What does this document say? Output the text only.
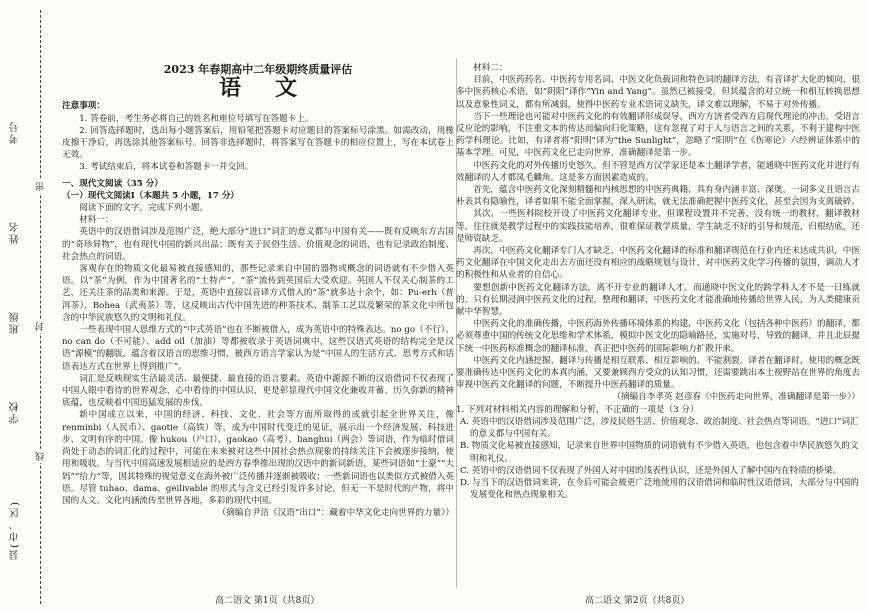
考号
姓名
班级
学校
县(市、区)
密
封
线
2023 年春期高中二年级期终质量评估
语文
注意事项：
1. 答卷前，考生务必将自己的姓名和座位号填写在答题卡上。
2. 回答选择题时，选出每小题答案后，用铅笔把答题卡对应题目的答案标号涂黑。如需改动，用橡皮擦干净后，再选涂其他答案标号。回答非选择题时，将答案写在答题卡的相应位置上，写在本试卷上无效。
3. 考试结束后，将本试卷和答题卡一并交回。
一、现代文阅读（35 分）
（一）现代文阅读Ⅰ（本题共 5 小题，17 分）
阅读下面的文字，完成下列小题。
材料一：
英语中的汉语借词涉及范围广泛，绝大部分“进口”词汇的意义都与中国有关——既有反映东方古国的“奇珍异物”，也有现代中国的新兴出品；既有关于民俗生活、价值观念的词语，也有记录政治制度、社会热点的词语。
客观存在的物质文化最易被直接感知的，那些记录来自中国的器物或概念的词语就有不少借入英语。以“茶”为例，作为中国著名的“土特产”，“茶”流传到英国后大受欢迎。英国人不仅关心制茶的工艺，还关注茶的品类和来源。于是，英语中直接以音译方式借入的“茶”就多达十余个，如：Pu-erh（普洱茶）、Bohea（武夷茶）等，这反映出古代中国先进的种茶技术、制茶工艺以及繁荣的茶文化中所包含的中华民族悠久的文明和礼仪。
一些表现中国人思维方式的“中式英语”也在不断被借入，成为英语中的特殊表达。no go（不行）、no can do（不可能）、add oil（加油）等都被收录于英语词典中，这些汉语式英语的结构完全是汉语“源模”的翻版，蕴含着汉语言的思维习惯，被西方语言学家认为是“中国人的生活方式、思考方式和话语表达方式在世界上得到推广”。
词汇是反映现实生活最灵活、最便捷、最直接的语言要素。英语中源源不断的汉语借词不仅表现了中国人眼中看待的世界观念、心中看待的中国认识，更是彰显现代中国文化兼收并蓄、历久弥新的精神底蕴，也反映着中国迅猛发展的步伐。
新中国成立以来，中国的经济、科技、文化、社会等方面所取得的成就引起全世界关注，像 renminbi（人民币）、gaotie（高铁）等，成为中国时代变迁的见证，展示出一个经济发展、科技进步、文明有序的中国。像 hukou（户口）、gaokao（高考）、lianghui（两会）等词语，作为临时借词尚处于动态的词汇化的过程中，可能在未来被对这些中国社会热点现象的持续关注下会被逐步接纳，使用和吸收。与当代中国高速发展相适应的是西方春季推出现的汉语中的新词新语，某些词语如“土豪”“大妈”“给力”等，因其特殊的视觉意义在海外被广泛传播并逐渐被吸收；一些新词语也以类似方式被借入英语。尽管 tuhao、dama、geilivable 的形式与含义已经引发许多讨论，但无一不是时代的产物，将中国的人文、文化内涵流传至世界各地，多彩的现代中国。
（摘编自尹洁《汉语“出口”：藏着中华文化走向世界的力量》）
材料二：
目前，中医药药名、中医药专用名词、中医文化负载词和特色词的翻译方法，有音译扩大化的倾向，很多中医药核心术语，如“阴阳”译作“Yin and Yang”。虽然已被接受，但其蕴含的对立统一和相互转换思想以及意象性词义，都有所减弱，使得中医药专业术语词义缺失，译文难以理解，不易于对外传播。
当下一些理论也可能对中医药文化的有效翻译形成误导。西方方济者受西方启现代理论的冲击，受语言反应论的影响，不注重文本的传达而偏向归化策略，这有忽视了对于人与语言之间的关系，不利于建构中医药学科理论。比如，有译者将“阳明”译为“the Sunlight”，忽略了“阳明”在《伤寒论》六经辨证体系中的基本学理。可见，中医药文化已走向世界，准确翻译是第一步。
中医药文化的对外传播历史悠久，但不管是西方汉学家还是本土翻译学者，能通晓中医药文化并进行有效翻译的人才都凤毛麟角。这是多方面因素造成的。
首先，蕴含中医药文化深刻精髓和内核思想的中医药典籍，具有身内涵丰富、深奥，一词多义且语言古朴表其有隐喻性，译者如果不能全面掌握，深入研读，就无法准确把握中医药文化，甚至会因为支离破碎。
其次，一些医科院校开设了中医药文化翻译专业，但课程设置并不完善，没有统一的教材，翻译教材等，往往就是教学过程中的实践技能培养，很难保证教学质量，学生缺乏不好的引导和规范，归根结底，还是师资缺乏。
再次，中医药文化翻译专门人才缺乏，中医药文化翻译的标准和翻译规范在行业内还未达成共识，中医药文化翻译在中国文化走出去方面还没有相应的战略规划与设计，对中医药文化学习传播的氛围，调动人才的积极性和从业者的自信心。
要想创新中医药文化翻译方法，离不开专业的翻译人才。而通晓中医文化的跨学科人才不是一日练就的。只有长期浸润中医药文化的过程，整理和翻译，中医药文化才能准确地传播给世界人民，为人类健康贡献中华智慧。
中医药文化的准确传播，中医药海外传播环境体系的构建，中医药文化（包括各种中医药）的翻译，都必须尊重中国的传统文化思维和学术体系，模拟中医文化的隐喻路径，实施对号，导致的翻译，并且北辰提下统一中医药标准概念的翻译标准，真正把中医药的国际影响力扩散开来。
中医药文化内涵挖掘、翻译与传播是相互联系、相互影响的，不能割裂。译者在翻译时，使用的概念既要准确传达中医药文化的本真内涵，又要兼顾西方受众的认知习惯，还需要跳出本土视野站在世界的角度去审视中医药文化翻译的问题，不断提升中医药翻译的质量。
（摘编自李孝英 赵彦春《中医药走向世界，准确翻译是第一步》）
1. 下列对材料相关内容的理解和分析，不正确的一项是（3 分）
A. 英语中的汉语借词涉及范围广泛，涉及民俗生活、价值观念、政治制度、社会热点等词语。“进口”词汇的意义都与中国有关。
B. 物质文化易被直接感知，记录来自世界中国物质的词语就有不少借入英语，也包含着中华民族悠久的文明和礼仪。
C. 英语中的汉语借词不仅表现了外国人对中国的浅表性认识，还是外国人了解中国内在特质的桥梁。
D. 与当下的汉语借词来讲，在今后可能会被更广泛地使用的汉语借词和临时性汉语借词，大部分与中国的发展变化和热点现象相关。
高二语文 第1页（共8页）	高二语文 第2页（共8页）
